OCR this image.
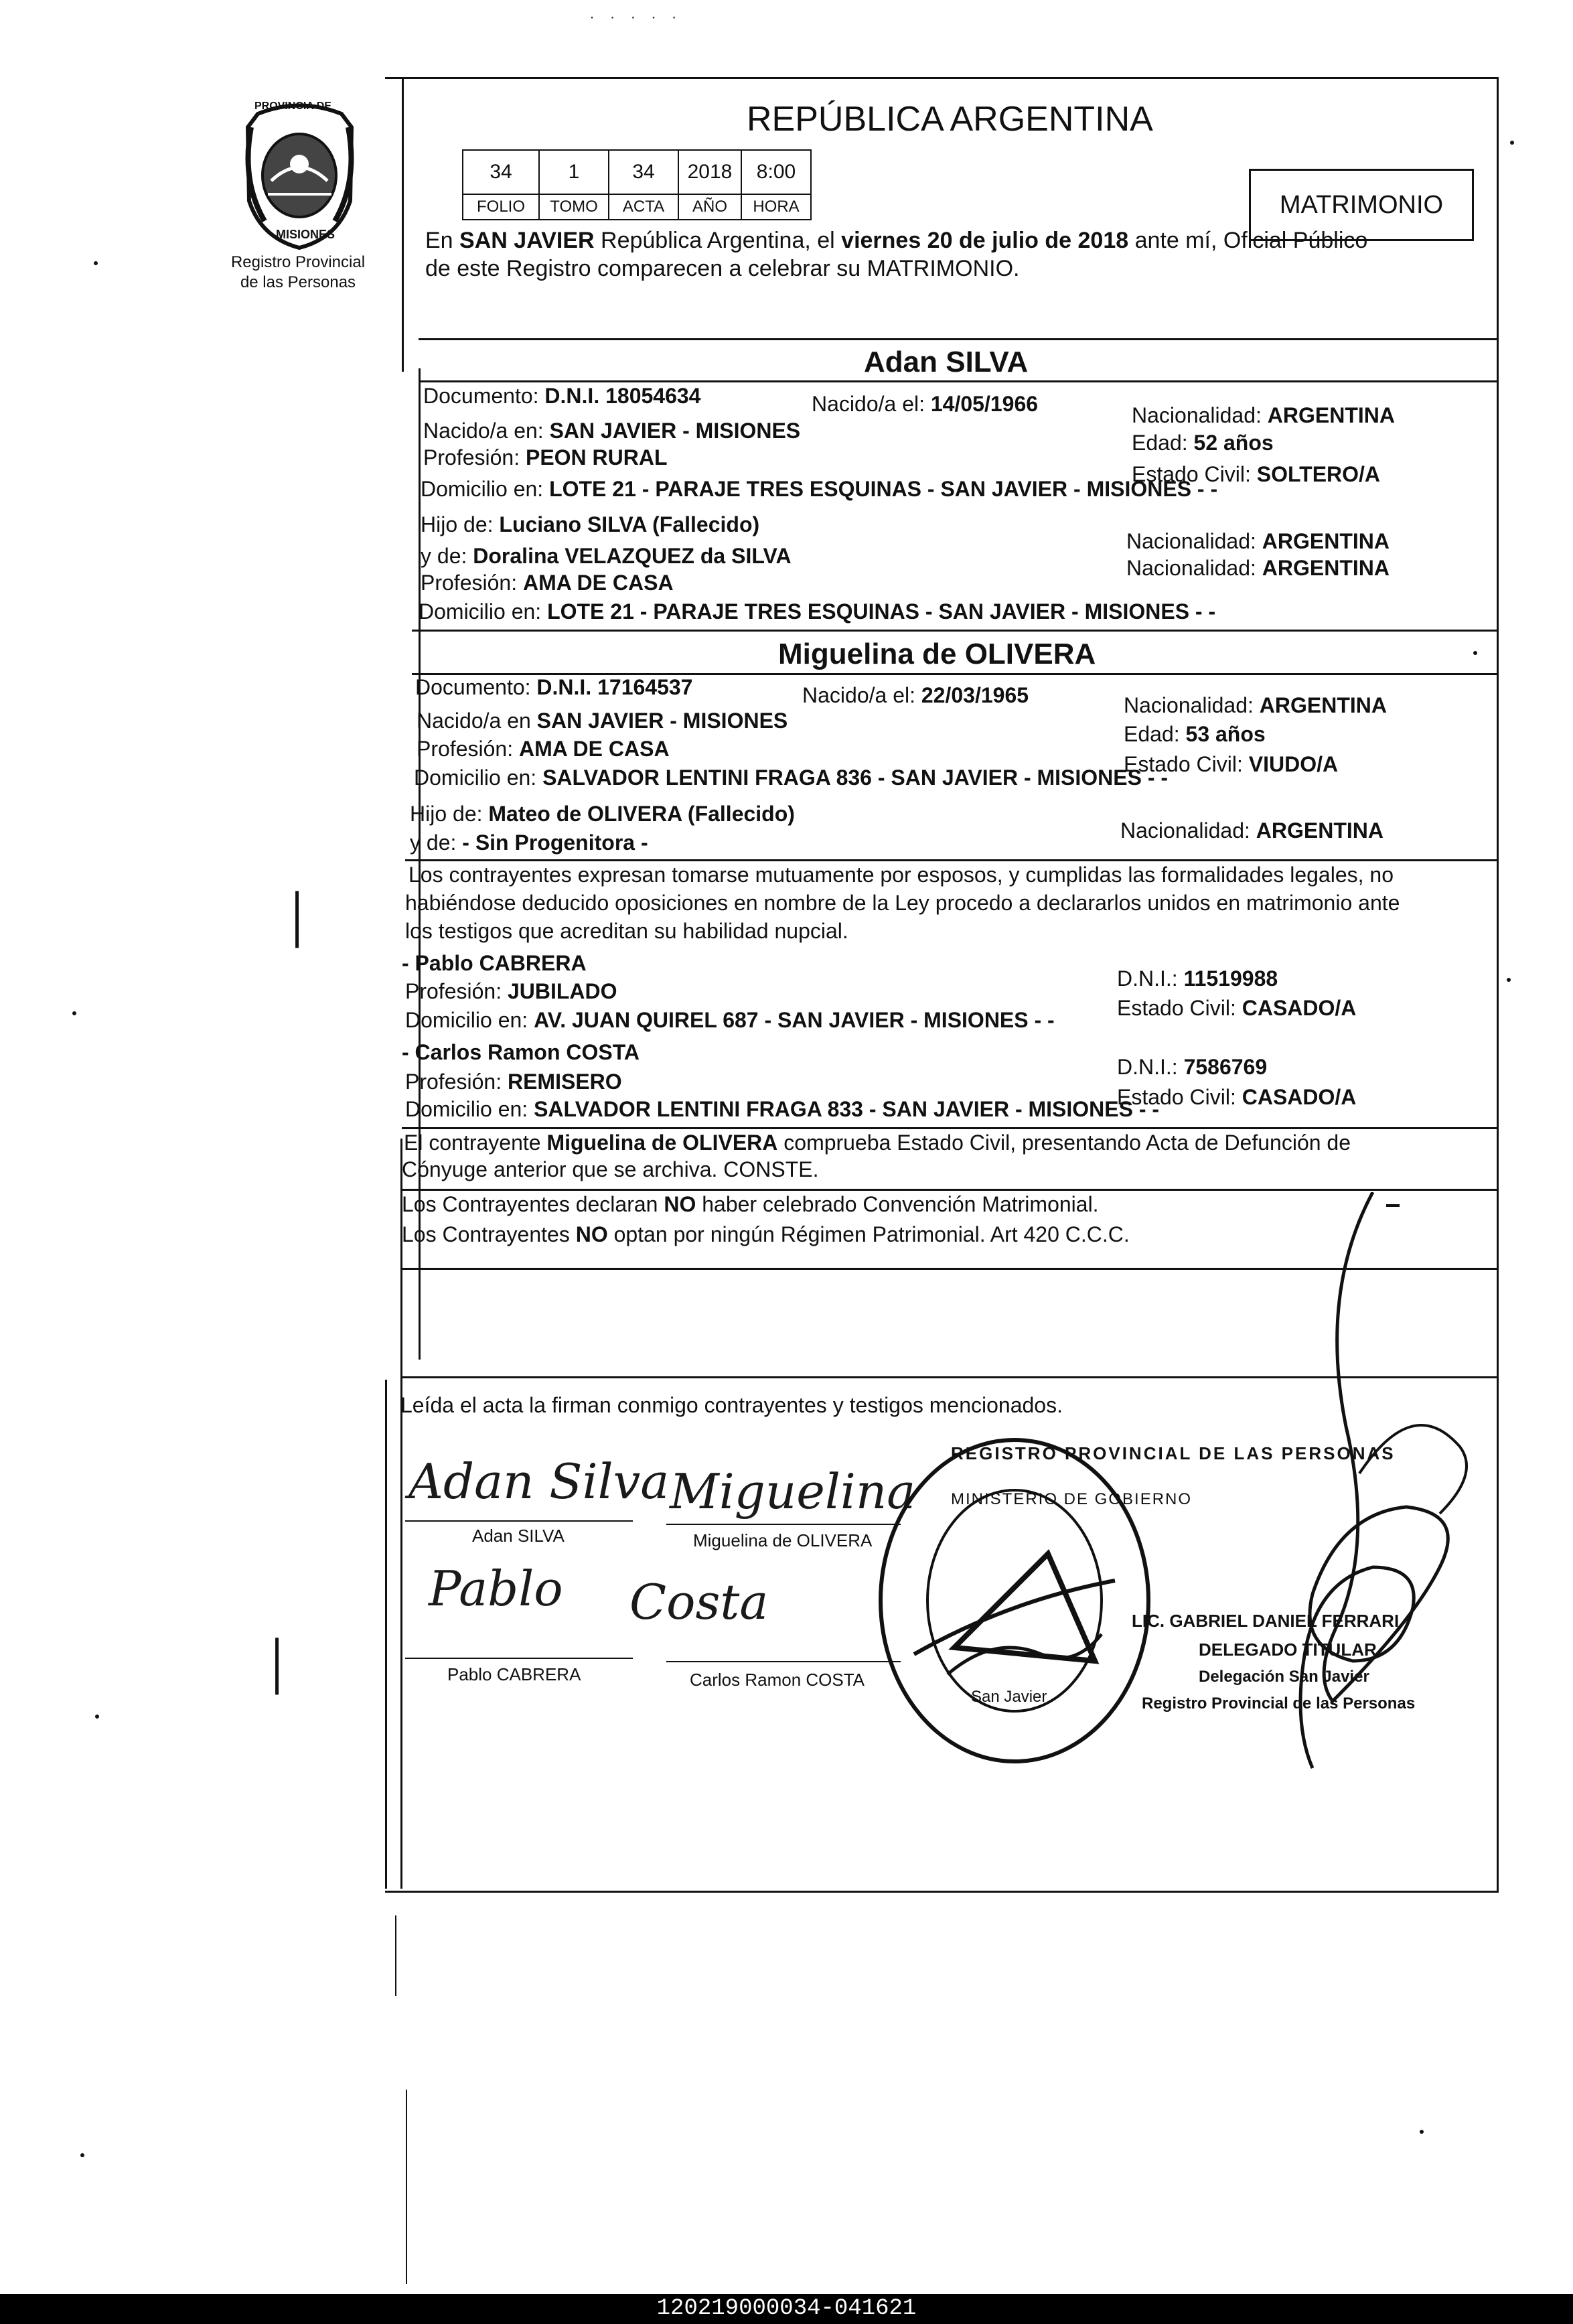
· · · · ·
PROVINCIA DE
MISIONES
Registro Provincial
de las Personas
REPÚBLICA ARGENTINA
34	1	34	2018	8:00
FOLIO	TOMO	ACTA	AÑO	HORA	MATRIMONIO
En SAN JAVIER República Argentina, el viernes 20 de julio de 2018 ante mí, Oficial Público
de este Registro comparecen a celebrar su MATRIMONIO.
Adan SILVA
Documento: D.N.I. 18054634	Nacido/a el: 14/05/1966	Nacionalidad: ARGENTINA
Nacido/a en: SAN JAVIER - MISIONES	Edad: 52 años
Profesión: PEON RURAL
Estado Civil: SOLTERO/A
Domicilio en: LOTE 21 - PARAJE TRES ESQUINAS - SAN JAVIER - MISIONES - -
Hijo de: Luciano SILVA (Fallecido)
Nacionalidad: ARGENTINA
y de: Doralina VELAZQUEZ da SILVA	Nacionalidad: ARGENTINA
Profesión: AMA DE CASA
Domicilio en: LOTE 21 - PARAJE TRES ESQUINAS - SAN JAVIER - MISIONES - -
Miguelina de OLIVERA
Documento: D.N.I. 17164537	Nacido/a el: 22/03/1965	Nacionalidad: ARGENTINA
Nacido/a en SAN JAVIER - MISIONES
Edad: 53 años
Profesión: AMA DE CASA
Estado Civil: VIUDO/A
Domicilio en: SALVADOR LENTINI FRAGA 836 - SAN JAVIER - MISIONES - -
Hijo de: Mateo de OLIVERA (Fallecido)
Nacionalidad: ARGENTINA
y de: - Sin Progenitora -
Los contrayentes expresan tomarse mutuamente por esposos, y cumplidas las formalidades legales, no
habiéndose deducido oposiciones en nombre de la Ley procedo a declararlos unidos en matrimonio ante
los testigos que acreditan su habilidad nupcial.
- Pablo CABRERA
D.N.I.: 11519988
Profesión: JUBILADO
Estado Civil: CASADO/A
Domicilio en: AV. JUAN QUIREL 687 - SAN JAVIER - MISIONES - -
- Carlos Ramon COSTA
D.N.I.: 7586769
Profesión: REMISERO
Estado Civil: CASADO/A
Domicilio en: SALVADOR LENTINI FRAGA 833 - SAN JAVIER - MISIONES - -
El contrayente Miguelina de OLIVERA comprueba Estado Civil, presentando Acta de Defunción de
Cónyuge anterior que se archiva. CONSTE.
Los Contrayentes declaran NO haber celebrado Convención Matrimonial.
Los Contrayentes NO optan por ningún Régimen Patrimonial. Art 420 C.C.C.
Leída el acta la firman conmigo contrayentes y testigos mencionados.
Adan Silva
Adan SILVA
Miguelina
Miguelina de OLIVERA
Pablo
Pablo CABRERA
Costa
Carlos Ramon COSTA
REGISTRO PROVINCIAL DE LAS PERSONAS
MINISTERIO DE GOBIERNO
San Javier
LIC. GABRIEL DANIEL FERRARI
DELEGADO TITULAR
Delegación San Javier
Registro Provincial de las Personas
│
│
120219000034-041621
